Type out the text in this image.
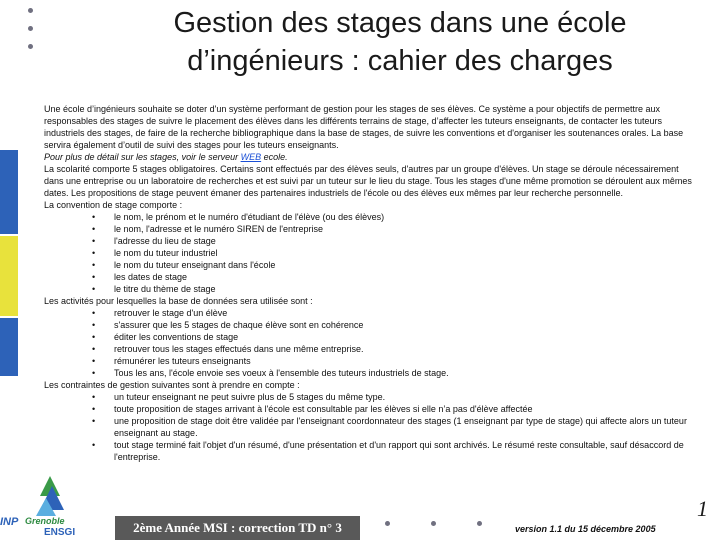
Gestion des stages dans une école
d’ingénieurs : cahier des charges

Une école d’ingénieurs souhaite se doter d'un système performant de gestion pour les stages de ses élèves. Ce système a pour objectifs de permettre aux responsables des stages de suivre le placement des élèves dans les différents terrains de stage, d’affecter les tuteurs enseignants, de contacter les tuteurs industriels des stages, de faire de la recherche bibliographique dans la base de stages, de suivre les conventions et d'organiser les soutenances orales. La base servira également d’outil de suivi des stages pour les tuteurs enseignants.

Pour plus de détail sur les stages, voir le serveur WEB ecole.

La scolarité comporte 5 stages obligatoires. Certains sont effectués par des élèves seuls, d'autres par un groupe d'élèves. Un stage se déroule nécessairement dans une entreprise ou un laboratoire de recherches et est suivi par un tuteur sur le lieu du stage. Tous les stages d'une même promotion se déroulent aux mêmes dates. Les propositions de stage peuvent émaner des partenaires industriels de l'école ou des élèves eux mêmes par leur recherche personnelle.

La convention de stage comporte :

• le nom, le prénom et le numéro d'étudiant de l'élève (ou des élèves)
• le nom, l'adresse et le numéro SIREN de l'entreprise
• l'adresse du lieu de stage
• le nom du tuteur industriel
• le nom du tuteur enseignant dans l'école
• les dates de stage
• le titre du thème de stage

Les activités pour lesquelles la base de données sera utilisée sont :

• retrouver le stage d'un élève
• s'assurer que les 5 stages de chaque élève sont en cohérence
• éditer les conventions de stage
• retrouver tous les stages effectués dans une même entreprise.
• rémunérer les tuteurs enseignants
• Tous les ans, l'école envoie ses voeux à l'ensemble des tuteurs industriels de stage.

Les contraintes de gestion suivantes sont à prendre en compte :

• un tuteur enseignant ne peut suivre plus de 5 stages du même type.
• toute proposition de stages arrivant à l'école est consultable par les élèves si elle n’a pas d'élève affectée
• une proposition de stage doit être validée par l'enseignant coordonnateur des stages (1 enseignant par type de stage) qui affecte alors un tuteur enseignant au stage.
• tout stage terminé fait l'objet d'un résumé, d'une présentation et d'un rapport qui sont archivés. Le résumé reste consultable, sauf désaccord de l'entreprise.
INP Grenoble
ENSGI	2ème Année MSI : correction TD n° 3	version 1.1 du 15 décembre 2005
1
